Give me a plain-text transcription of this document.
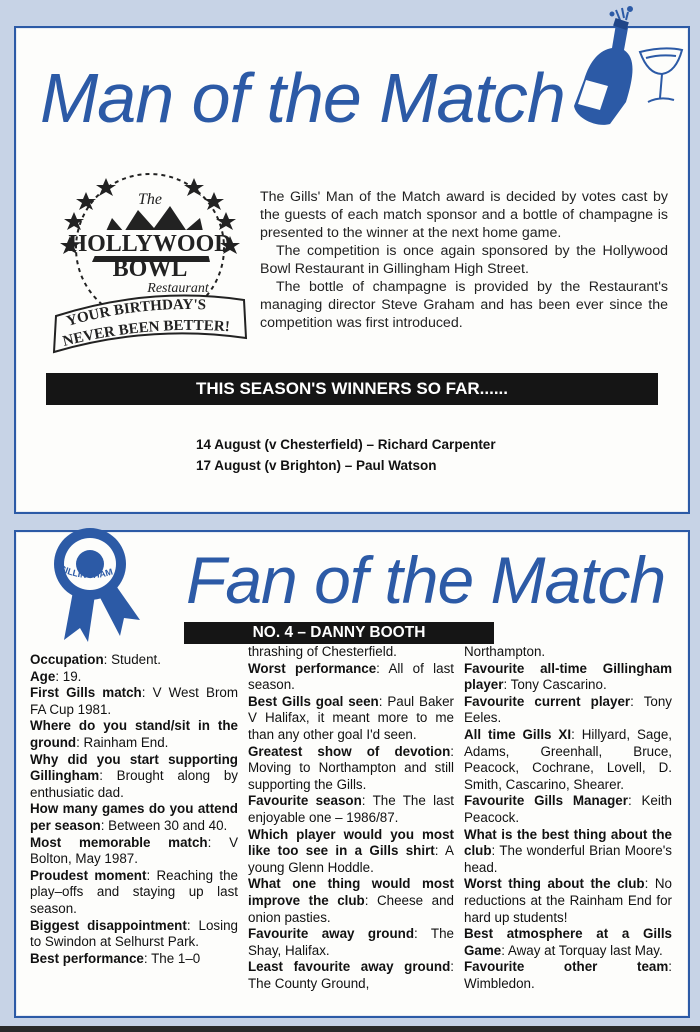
Man of the Match
The
HOLLYWOOD
BOWL
Restaurant
YOUR BIRTHDAY'S
NEVER BEEN BETTER!

The Gills' Man of the Match award is decided by votes cast by the guests of each match sponsor and a bottle of champagne is presented to the winner at the next home game.

The competition is once again sponsored by the Hollywood Bowl Restaurant in Gillingham High Street.

The bottle of champagne is provided by the Restaurant's managing director Steve Graham and has been ever since the competition was first introduced.

THIS SEASON'S WINNERS SO FAR......
14 August (v Chesterfield) – Richard Carpenter
17 August (v Brighton) – Paul Watson
GILLINGHAM Fan of the Match
NO. 4 – DANNY BOOTH

Occupation: Student.

Age: 19.

First Gills match: V West Brom FA Cup 1981.

Where do you stand/sit in the ground: Rainham End.

Why did you start supporting Gillingham: Brought along by enthusiatic dad.

How many games do you attend per season: Between 30 and 40.

Most memorable match: V Bolton, May 1987.

Proudest moment: Reaching the play–offs and staying up last season.

Biggest disappointment: Losing to Swindon at Selhurst Park.

Best performance: The 1–0

thrashing of Chesterfield.

Worst performance: All of last season.

Best Gills goal seen: Paul Baker V Halifax, it meant more to me than any other goal I'd seen.

Greatest show of devotion: Moving to Northampton and still supporting the Gills.

Favourite season: The The last enjoyable one – 1986/87.

Which player would you most like too see in a Gills shirt: A young Glenn Hoddle.

What one thing would most improve the club: Cheese and onion pasties.

Favourite away ground: The Shay, Halifax.

Least favourite away ground: The County Ground,

Northampton.

Favourite all-time Gillingham player: Tony Cascarino.

Favourite current player: Tony Eeles.

All time Gills XI: Hillyard, Sage, Adams, Greenhall, Bruce, Peacock, Cochrane, Lovell, D. Smith, Cascarino, Shearer.

Favourite Gills Manager: Keith Peacock.

What is the best thing about the club: The wonderful Brian Moore's head.

Worst thing about the club: No reductions at the Rainham End for hard up students!

Best atmosphere at a Gills Game: Away at Torquay last May.

Favourite other team: Wimbledon.
